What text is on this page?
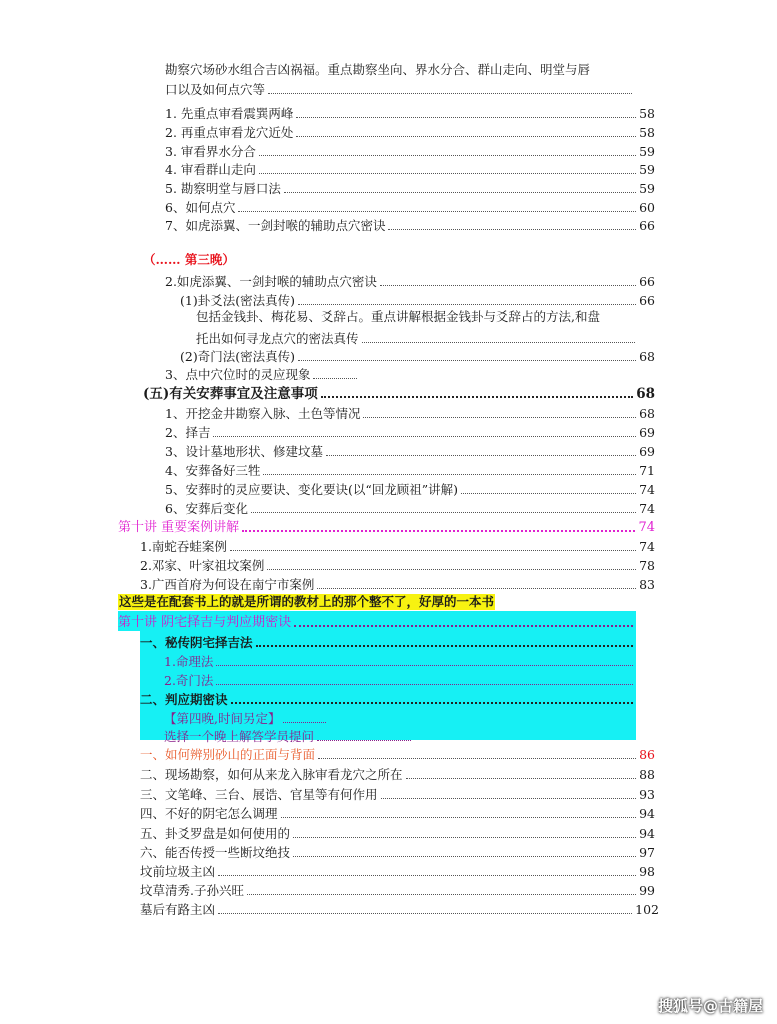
勘察穴场砂水组合吉凶祸福。重点勘察坐向、界水分合、群山走向、明堂与唇
口以及如何点穴等
1. 先重点审看震巽两峰	58
2. 再重点审看龙穴近处	58
3. 审看界水分合	59
4. 审看群山走向	59
5. 勘察明堂与唇口法	59
6、如何点穴	60
7、如虎添翼、一剑封喉的辅助点穴密诀	66
（…… 第三晚）
2.如虎添翼、一剑封喉的辅助点穴密诀	66
(1)卦爻法(密法真传)	66
包括金钱卦、梅花易、爻辞占。重点讲解根据金钱卦与爻辞占的方法,和盘
托出如何寻龙点穴的密法真传
(2)奇门法(密法真传)	68
3、点中穴位时的灵应现象
(五)有关安葬事宜及注意事项	68
1、开挖金井勘察入脉、土色等情况	68
2、择吉	69
3、设计墓地形状、修建坟墓	69
4、安葬备好三牲	71
5、安葬时的灵应要诀、变化要诀(以“回龙顾祖”讲解)	74
6、安葬后变化	74
第十讲 重要案例讲解	74
1.南蛇吞蛙案例	74
2.邓家、叶家祖坟案例	78
3.广西首府为何设在南宁市案例	83
这些是在配套书上的就是所谓的教材上的那个整不了，好厚的一本书
第十讲 阴宅择吉与判应期密诀
一、秘传阴宅择吉法
1.命理法
2.奇门法
二、判应期密诀
【第四晚,时间另定】
选择一个晚上解答学员提问
一、如何辨别砂山的正面与背面	86
二、现场勘察，如何从来龙入脉审看龙穴之所在	88
三、文笔峰、三台、展诰、官星等有何作用	93
四、不好的阴宅怎么调理	94
五、卦爻罗盘是如何使用的	94
六、能否传授一些断坟绝技	97
坟前垃圾主凶	98
坟草清秀.子孙兴旺	99
墓后有路主凶	102
搜狐号@古籍屋
